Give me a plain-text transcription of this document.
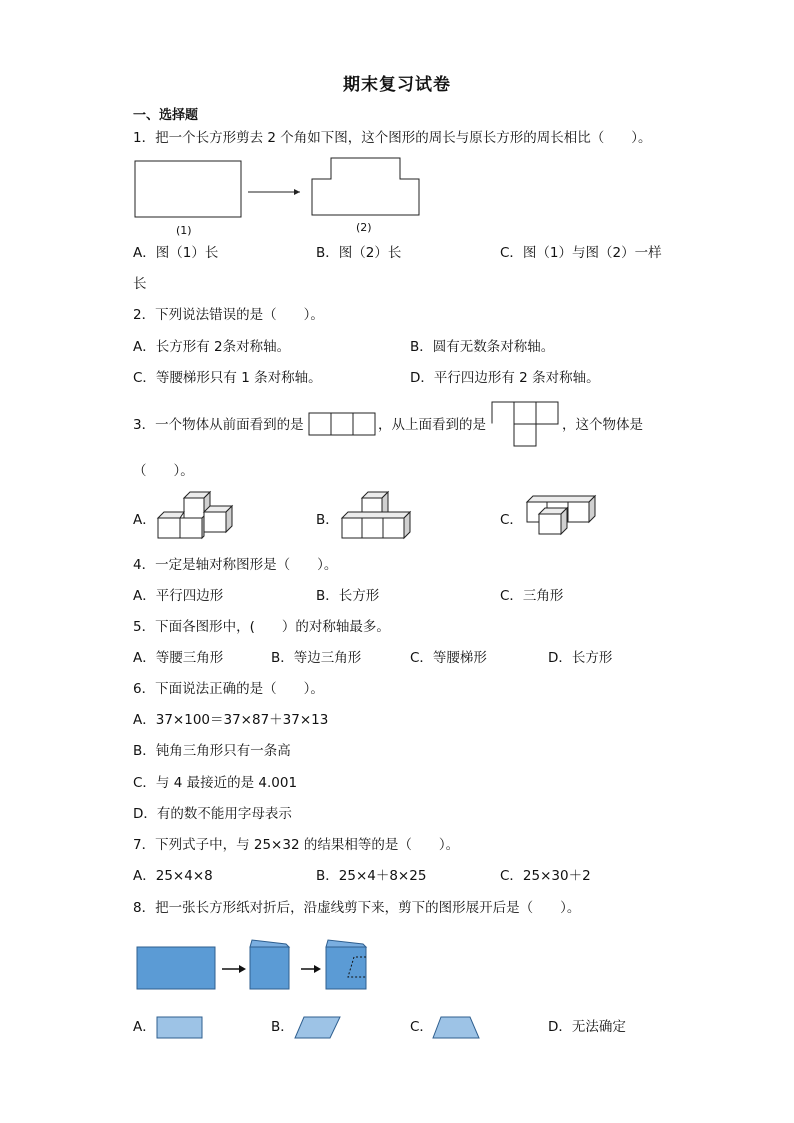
期末复习试卷
一、选择题
1．把一个长方形剪去 2 个角如下图，这个图形的周长与原长方形的周长相比（　　）。
(1)	(2)
A．图（1）长	B．图（2）长	C．图（1）与图（2）一样
长
2．下列说法错误的是（　　）。
A．长方形有 2条对称轴。	B．圆有无数条对称轴。
C．等腰梯形只有 1 条对称轴。	D．平行四边形有 2 条对称轴。
3．一个物体从前面看到的是	，从上面看到的是	，这个物体是
（　　）。
A．	B．	C．
4．一定是轴对称图形是（　　）。
A．平行四边形	B．长方形	C．三角形
5．下面各图形中，(　　）的对称轴最多。
A．等腰三角形	B．等边三角形	C．等腰梯形	D．长方形
6．下面说法正确的是（　　）。
A．37×100＝37×87＋37×13
B．钝角三角形只有一条高
C．与 4 最接近的是 4.001
D．有的数不能用字母表示
7．下列式子中，与 25×32 的结果相等的是（　　）。
A．25×4×8	B．25×4＋8×25	C．25×30＋2
8．把一张长方形纸对折后，沿虚线剪下来，剪下的图形展开后是（　　）。
A．	B．	C．	D．无法确定
